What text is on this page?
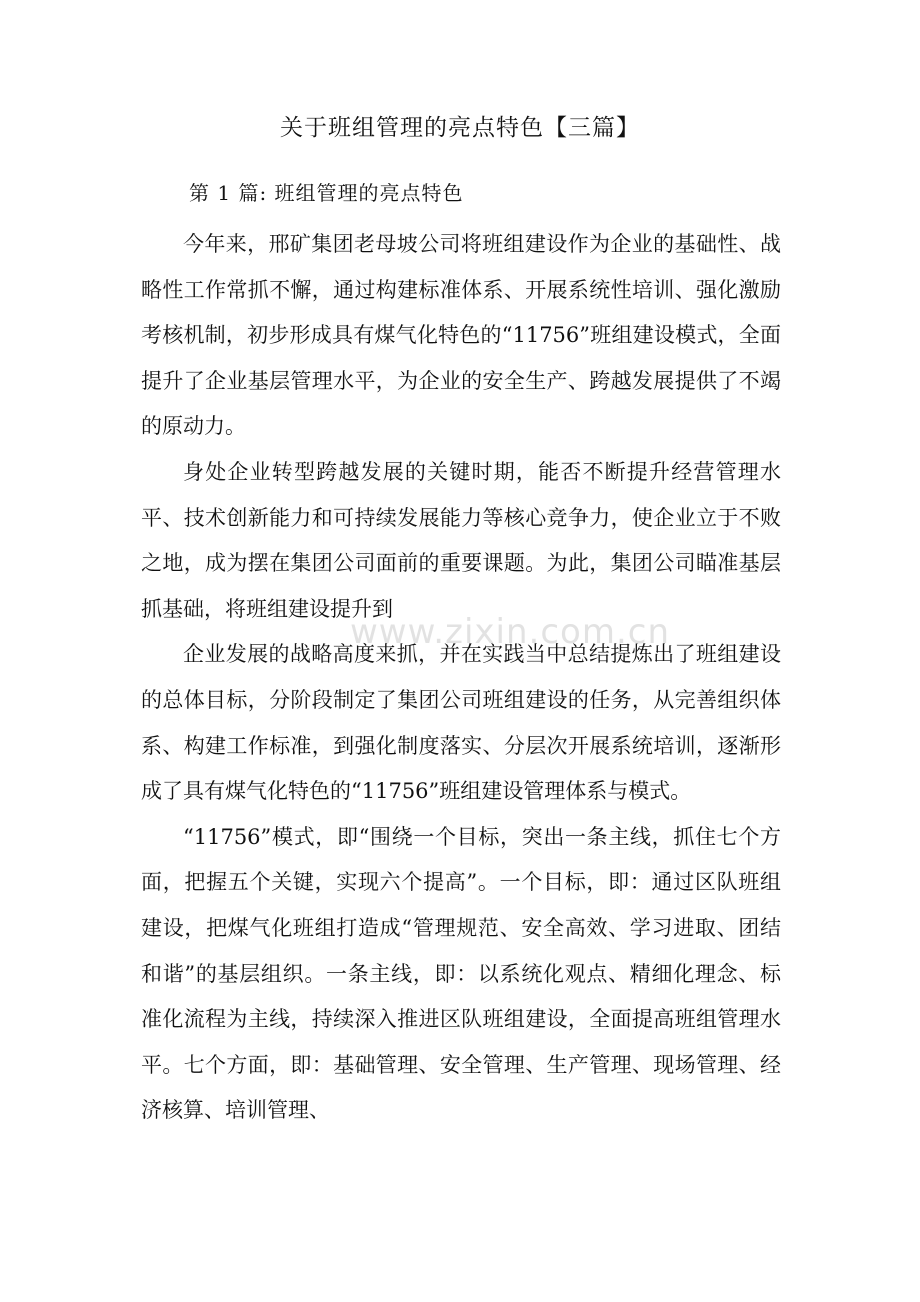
关于班组管理的亮点特色【三篇】
第 1 篇: 班组管理的亮点特色

今年来，邢矿集团老母坡公司将班组建设作为企业的基础性、战略性工作常抓不懈，通过构建标准体系、开展系统性培训、强化激励考核机制，初步形成具有煤气化特色的“11756”班组建设模式，全面提升了企业基层管理水平，为企业的安全生产、跨越发展提供了不竭的原动力。

身处企业转型跨越发展的关键时期，能否不断提升经营管理水平、技术创新能力和可持续发展能力等核心竞争力，使企业立于不败之地，成为摆在集团公司面前的重要课题。为此，集团公司瞄准基层抓基础，将班组建设提升到

企业发展的战略高度来抓，并在实践当中总结提炼出了班组建设的总体目标，分阶段制定了集团公司班组建设的任务，从完善组织体系、构建工作标准，到强化制度落实、分层次开展系统培训，逐渐形成了具有煤气化特色的“11756”班组建设管理体系与模式。

“11756”模式，即“围绕一个目标，突出一条主线，抓住七个方面，把握五个关键，实现六个提高”。一个目标，即：通过区队班组建设，把煤气化班组打造成“管理规范、安全高效、学习进取、团结和谐”的基层组织。一条主线，即：以系统化观点、精细化理念、标准化流程为主线，持续深入推进区队班组建设，全面提高班组管理水平。七个方面，即：基础管理、安全管理、生产管理、现场管理、经济核算、培训管理、

www.zixin.com.cn
